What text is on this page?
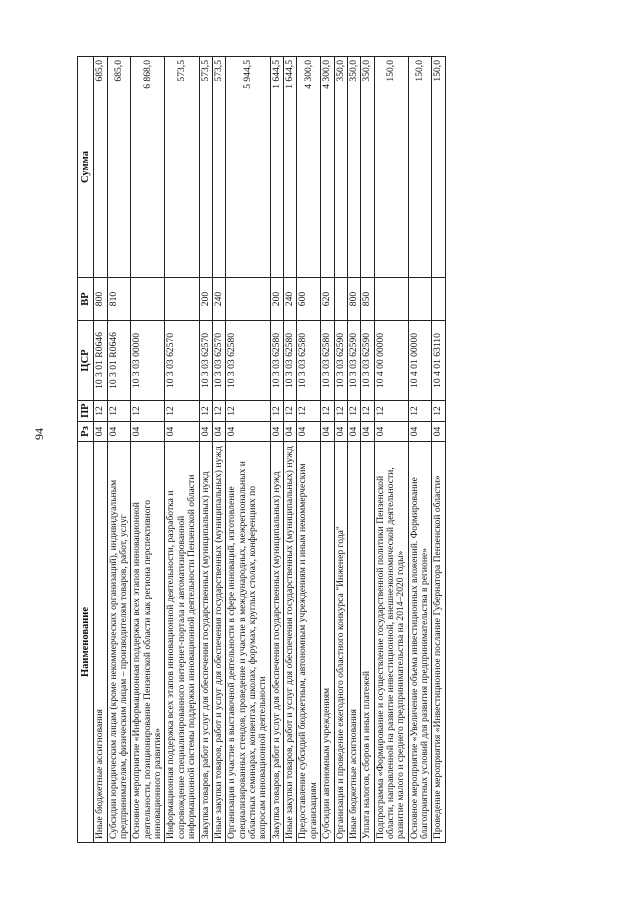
94
Наименование	Рз	ПР	ЦСР	ВР	Сумма
Иные бюджетные ассигнования	04	12	10 3 01 R0646	800	685,0
Субсидии юридическим лицам (кроме некоммерческих организаций), индивидуальным предпринимателям, физическим лицам – производителям товаров, работ, услуг	04	12	10 3 01 R0646	810	685,0
Основное мероприятие «Информационная поддержка всех этапов инновационной деятельности, позиционирование Пензенской области как региона перспективного инновационного развития»	04	12	10 3 03 00000		6 868,0
Информационная поддержка всех этапов инновационной деятельности, разработка и сопровождение специализированного интернет-портала и автоматизированной информационной системы поддержки инновационной деятельности Пензенской области	04	12	10 3 03 62570		573,5
Закупка товаров, работ и услуг для обеспечения государственных (муниципальных) нужд	04	12	10 3 03 62570	200	573,5
Иные закупки товаров, работ и услуг для обеспечения государственных (муниципальных) нужд	04	12	10 3 03 62570	240	573,5
Организация и участие в выставочной деятельности в сфере инноваций, изготовление специализированных стендов, проведение и участие в международных, межрегиональных и областных семинарах, конвентах, школах, форумах, круглых столах, конференциях по вопросам инновационной деятельности	04	12	10 3 03 62580		5 944,5
Закупка товаров, работ и услуг для обеспечения государственных (муниципальных) нужд	04	12	10 3 03 62580	200	1 644,5
Иные закупки товаров, работ и услуг для обеспечения государственных (муниципальных) нужд	04	12	10 3 03 62580	240	1 644,5
Предоставление субсидий бюджетным, автономным учреждениям и иным некоммерческим организациям	04	12	10 3 03 62580	600	4 300,0
Субсидии автономным учреждениям	04	12	10 3 03 62580	620	4 300,0
Организация и проведение ежегодного областного конкурса "Инженер года"	04	12	10 3 03 62590		350,0
Иные бюджетные ассигнования	04	12	10 3 03 62590	800	350,0
Уплата налогов, сборов и иных платежей	04	12	10 3 03 62590	850	350,0
Подпрограмма «Формирование и осуществление государственной политики Пензенской области, направленной на развитие инвестиционной, внешнеэкономической деятельности, развитие малого и среднего предпринимательства на 2014–2020 годы»	04	12	10 4 00 00000		150,0
Основное мероприятие «Увеличение объема инвестиционных вложений. Формирование благоприятных условий для развития предпринимательства в регионе»	04	12	10 4 01 00000		150,0
Проведение мероприятия «Инвестиционное послание Губернатора Пензенской области»	04	12	10 4 01 63110		150,0
